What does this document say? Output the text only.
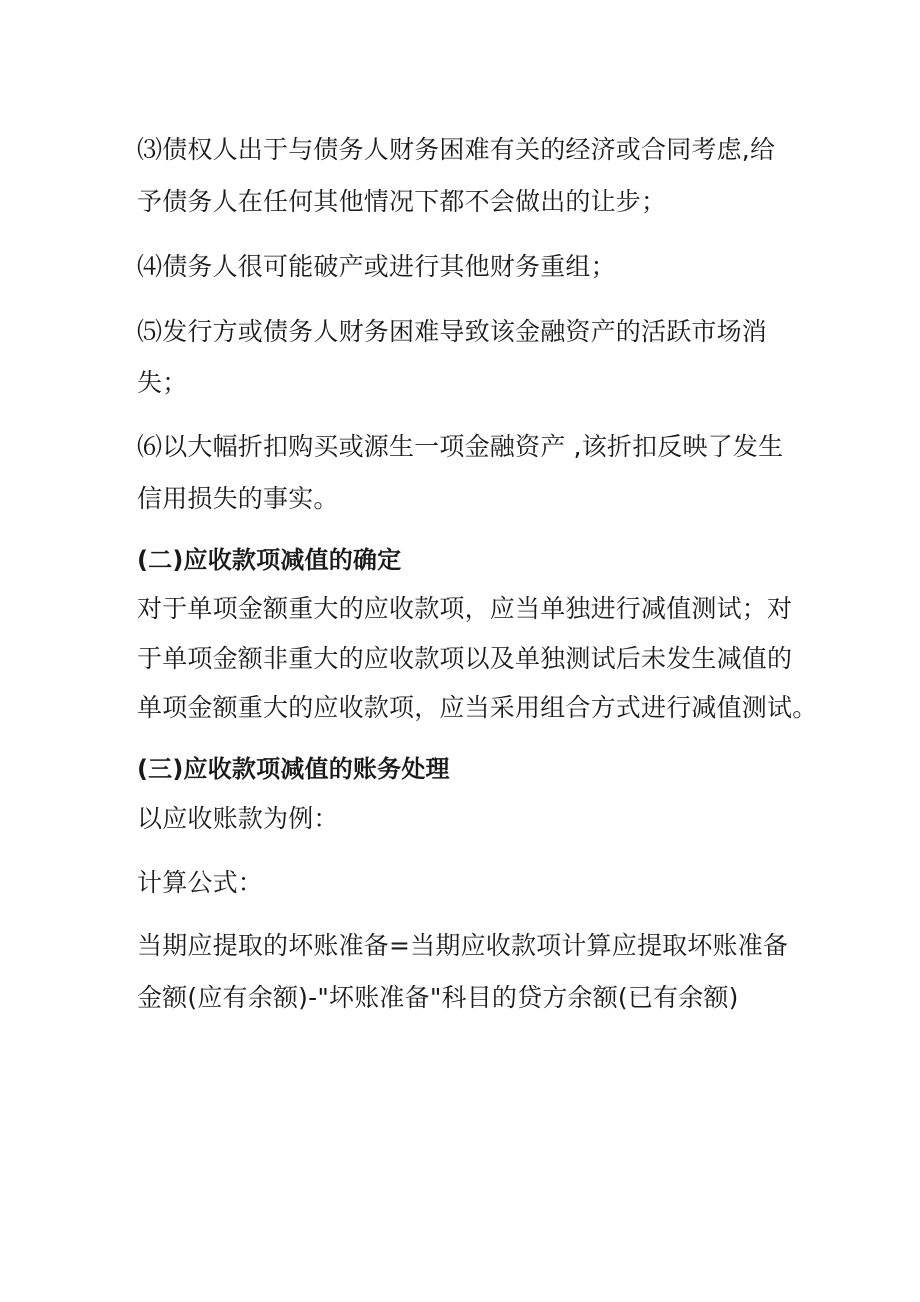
⑶债权人出于与债务人财务困难有关的经济或合同考虑,给
予债务人在任何其他情况下都不会做出的让步；
⑷债务人很可能破产或进行其他财务重组；
⑸发行方或债务人财务困难导致该金融资产的活跃市场消
失；
⑹以大幅折扣购买或源生一项金融资产 ,该折扣反映了发生
信用损失的事实。
(二)应收款项减值的确定
对于单项金额重大的应收款项，应当单独进行减值测试；对
于单项金额非重大的应收款项以及单独测试后未发生减值的
单项金额重大的应收款项，应当采用组合方式进行减值测试。
(三)应收款项减值的账务处理
以应收账款为例：
计算公式：
当期应提取的坏账准备=当期应收款项计算应提取坏账准备
金额(应有余额)-"坏账准备"科目的贷方余额(已有余额)
